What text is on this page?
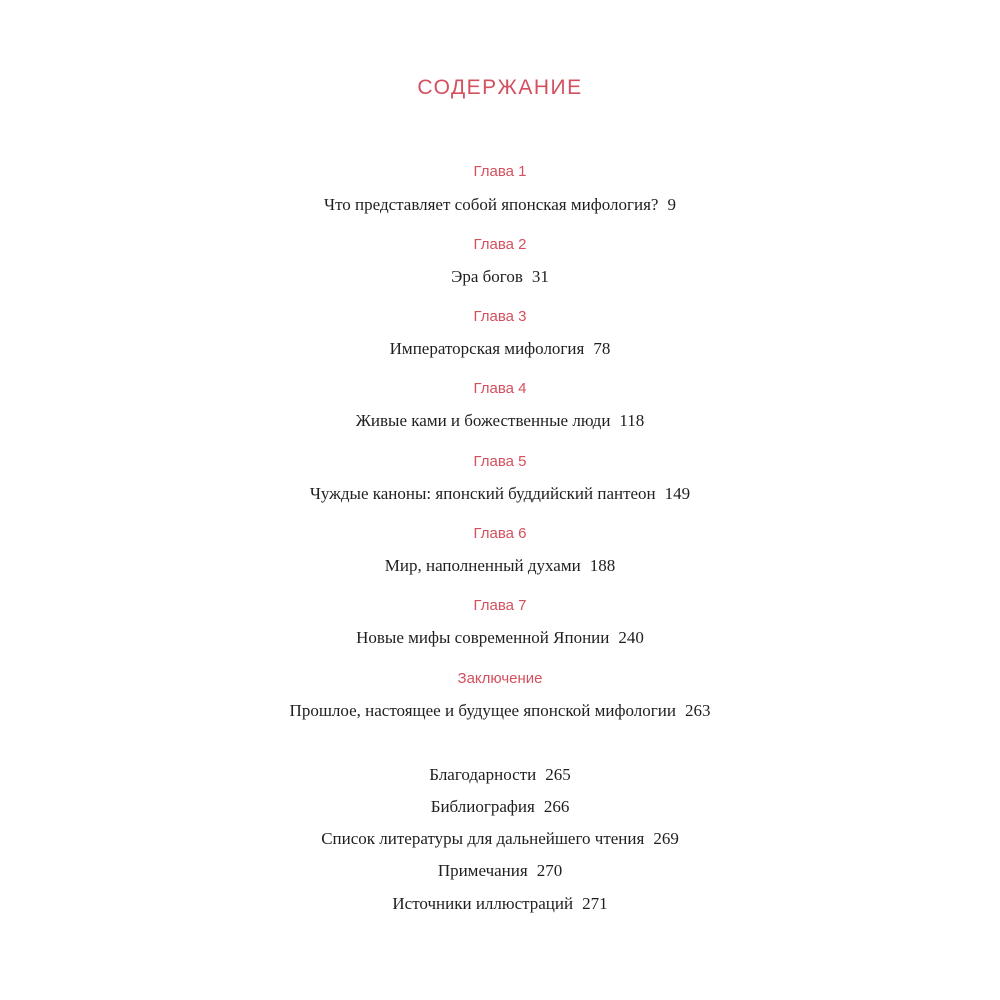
СОДЕРЖАНИЕ
Глава 1
Что представляет собой японская мифология? 9
Глава 2
Эра богов 31
Глава 3
Императорская мифология 78
Глава 4
Живые ками и божественные люди 118
Глава 5
Чуждые каноны: японский буддийский пантеон 149
Глава 6
Мир, наполненный духами 188
Глава 7
Новые мифы современной Японии 240
Заключение
Прошлое, настоящее и будущее японской мифологии 263
Благодарности 265
Библиография 266
Список литературы для дальнейшего чтения 269
Примечания 270
Источники иллюстраций 271
